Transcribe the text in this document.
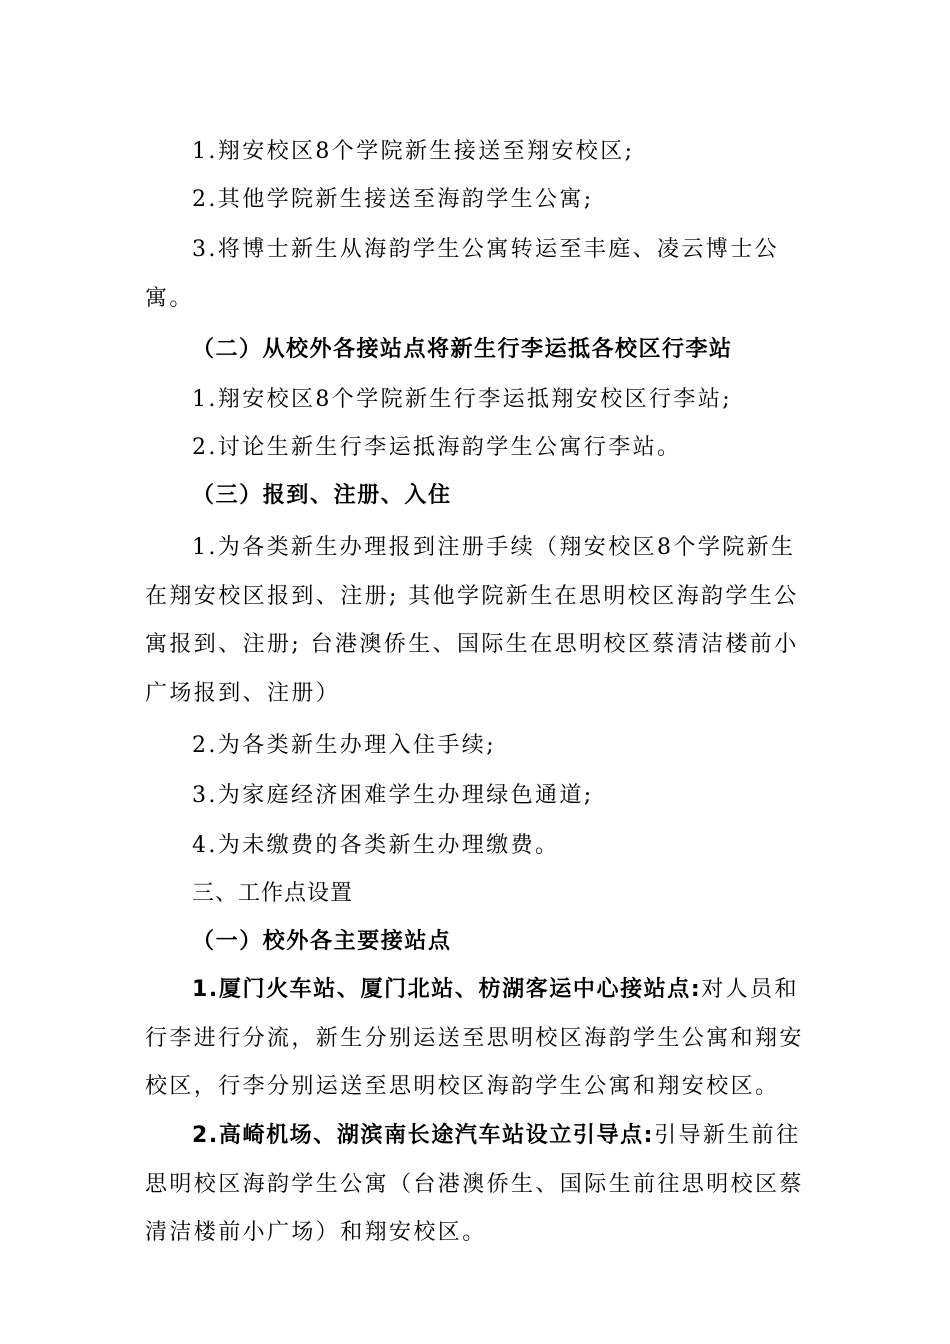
1.翔安校区8个学院新生接送至翔安校区;

2.其他学院新生接送至海韵学生公寓;

3.将博士新生从海韵学生公寓转运至丰庭、凌云博士公寓。

（二）从校外各接站点将新生行李运抵各校区行李站

1.翔安校区8个学院新生行李运抵翔安校区行李站;

2.讨论生新生行李运抵海韵学生公寓行李站。

（三）报到、注册、入住

1.为各类新生办理报到注册手续（翔安校区8个学院新生在翔安校区报到、注册; 其他学院新生在思明校区海韵学生公寓报到、注册; 台港澳侨生、国际生在思明校区蔡清洁楼前小广场报到、注册）

2.为各类新生办理入住手续;

3.为家庭经济困难学生办理绿色通道;

4.为未缴费的各类新生办理缴费。

三、工作点设置

（一）校外各主要接站点

1.厦门火车站、厦门北站、枋湖客运中心接站点:对人员和行李进行分流，新生分别运送至思明校区海韵学生公寓和翔安校区，行李分别运送至思明校区海韵学生公寓和翔安校区。

2.高崎机场、湖滨南长途汽车站设立引导点:引导新生前往思明校区海韵学生公寓（台港澳侨生、国际生前往思明校区蔡清洁楼前小广场）和翔安校区。
